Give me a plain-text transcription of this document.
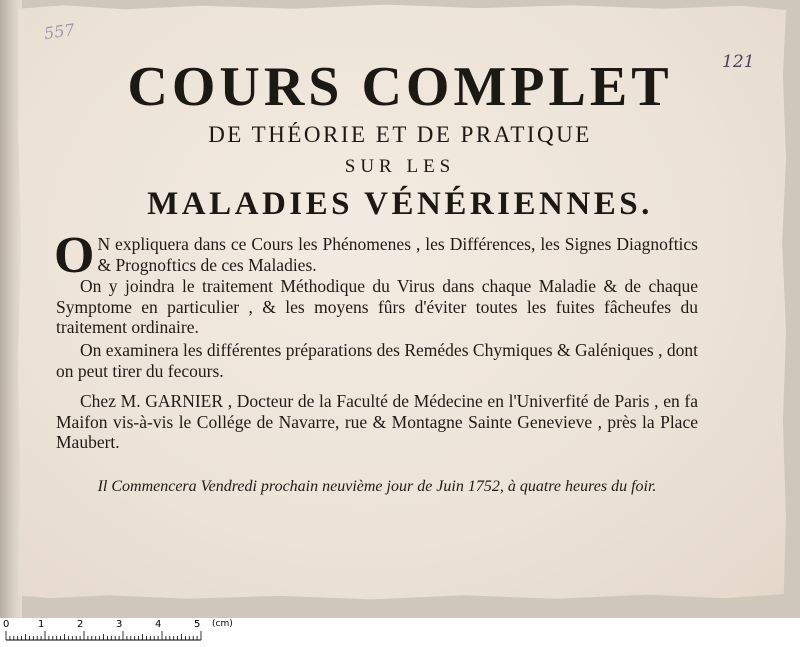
557
121
COURS COMPLET
DE THÉORIE ET DE PRATIQUE
SUR LES
MALADIES VÉNÉRIENNES.
O N expliquera dans ce Cours les Phénomenes , les Différences, les Signes Diagnoftics & Prognoftics de ces Maladies.
On y joindra le traitement Méthodique du Virus dans chaque Maladie & de chaque Symptome en particulier , & les moyens fûrs d'éviter toutes les fuites fâcheufes du traitement ordinaire.
On examinera les différentes préparations des Remédes Chymiques & Galéniques , dont on peut tirer du fecours.
Chez M. GARNIER , Docteur de la Faculté de Médecine en l'Univerfité de Paris , en fa Maifon vis-à-vis le Collége de Navarre, rue & Montagne Sainte Genevieve , près la Place Maubert.
Il Commencera Vendredi prochain neuvième jour de Juin 1752, à quatre heures du foir.
0	1	2	3	4	5 (cm)
